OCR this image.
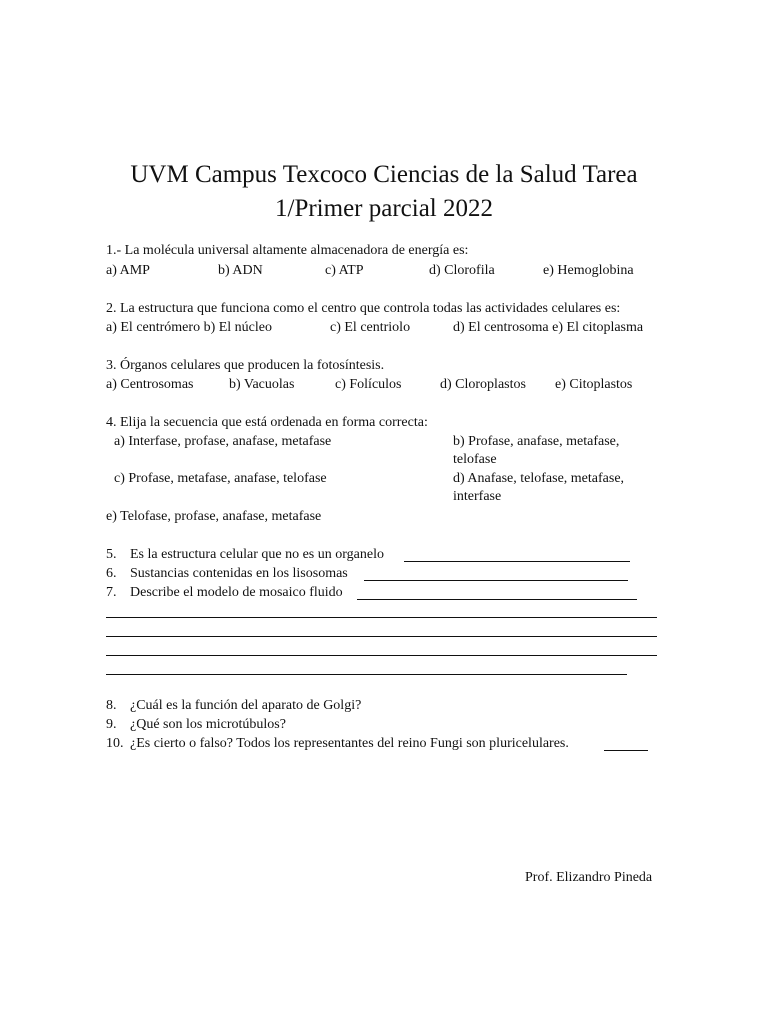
UVM Campus Texcoco Ciencias de la Salud Tarea
1/Primer parcial 2022
1.- La molécula universal altamente almacenadora de energía es:
a) AMP	b) ADN	c) ATP	d) Clorofila	e) Hemoglobina
2. La estructura que funciona como el centro que controla todas las actividades celulares es:
a) El centrómero b) El núcleo	c) El centriolo	d) El centrosoma e) El citoplasma
3. Órganos celulares que producen la fotosíntesis.
a) Centrosomas	b) Vacuolas	c) Folículos	d) Cloroplastos e) Citoplastos
4. Elija la secuencia que está ordenada en forma correcta:
a) Interfase, profase, anafase, metafase	b) Profase, anafase, metafase, telofase
c) Profase, metafase, anafase, telofase	d) Anafase, telofase, metafase, interfase
e) Telofase, profase, anafase, metafase
5. Es la estructura celular que no es un organelo
6. Sustancias contenidas en los lisosomas
7. Describe el modelo de mosaico fluido
8. ¿Cuál es la función del aparato de Golgi?
9. ¿Qué son los microtúbulos?
10. ¿Es cierto o falso? Todos los representantes del reino Fungi son pluricelulares.
Prof. Elizandro Pineda
